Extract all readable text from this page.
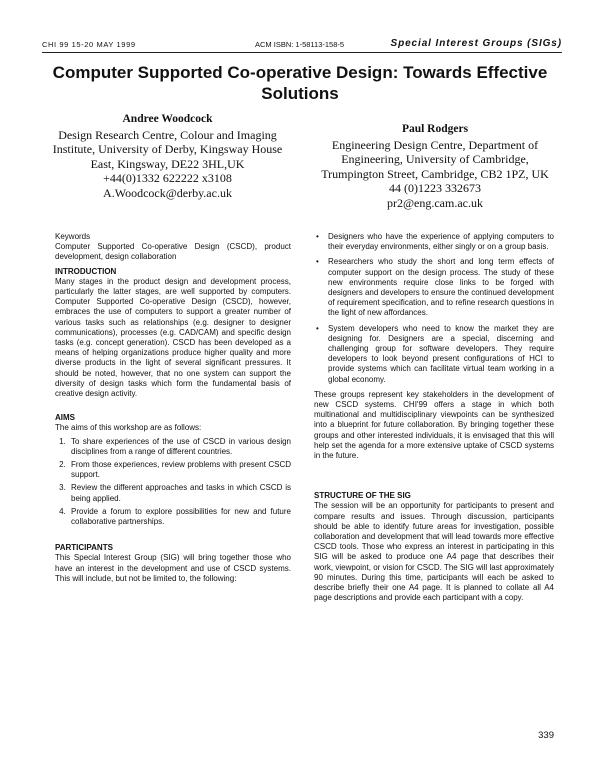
CHI 99 15-20 MAY 1999	ACM ISBN: 1-58113-158-5	Special Interest Groups (SIGs)
Computer Supported Co-operative Design: Towards Effective Solutions
Andree Woodcock
Design Research Centre, Colour and Imaging
Institute, University of Derby, Kingsway House
East, Kingsway, DE22 3HL,UK
+44(0)1332 622222 x3108
A.Woodcock@derby.ac.uk
Paul Rodgers
Engineering Design Centre, Department of
Engineering, University of Cambridge,
Trumpington Street, Cambridge, CB2 1PZ, UK
44 (0)1223 332673
pr2@eng.cam.ac.uk

Keywords

Computer Supported Co-operative Design (CSCD), product development, design collaboration

INTRODUCTION

Many stages in the product design and development process, particularly the latter stages, are well supported by computers. Computer Supported Co-operative Design (CSCD), however, embraces the use of computers to support a greater number of various tasks such as relationships (e.g. designer to designer communications), processes (e.g. CAD/CAM) and specific design tasks (e.g. concept generation). CSCD has been developed as a means of helping organizations produce higher quality and more diverse products in the light of several significant pressures. It should be noted, however, that no one system can support the diversity of design tasks which form the fundamental basis of creative design activity.

AIMS

The aims of this workshop are as follows:

1. To share experiences of the use of CSCD in various design disciplines from a range of different countries.
2. From those experiences, review problems with present CSCD support.
3. Review the different approaches and tasks in which CSCD is being applied.
4. Provide a forum to explore possibilities for new and future collaborative partnerships.

PARTICIPANTS

This Special Interest Group (SIG) will bring together those who have an interest in the development and use of CSCD systems. This will include, but not be limited to, the following:

• Designers who have the experience of applying computers to their everyday environments, either singly or on a group basis.
• Researchers who study the short and long term effects of computer support on the design process. The study of these new environments require close links to be forged with designers and developers to ensure the continued development of requirement specification, and to refine research questions in the light of new affordances.
• System developers who need to know the market they are designing for. Designers are a special, discerning and challenging group for software developers. They require developers to look beyond present configurations of HCI to provide systems which can facilitate virtual team working in a global economy.

These groups represent key stakeholders in the development of new CSCD systems. CHI'99 offers a stage in which both multinational and multidisciplinary viewpoints can be synthesized into a blueprint for future collaboration. By bringing together these groups and other interested individuals, it is envisaged that this will help set the agenda for a more extensive uptake of CSCD systems in the future.

STRUCTURE OF THE SIG

The session will be an opportunity for participants to present and compare results and issues. Through discussion, participants should be able to identify future areas for investigation, possible collaboration and development that will lead towards more effective CSCD tools. Those who express an interest in participating in this SIG will be asked to produce one A4 page that describes their work, viewpoint, or vision for CSCD. The SIG will last approximately 90 minutes. During this time, participants will each be asked to describe briefly their one A4 page. It is planned to collate all A4 page descriptions and provide each participant with a copy.

339
